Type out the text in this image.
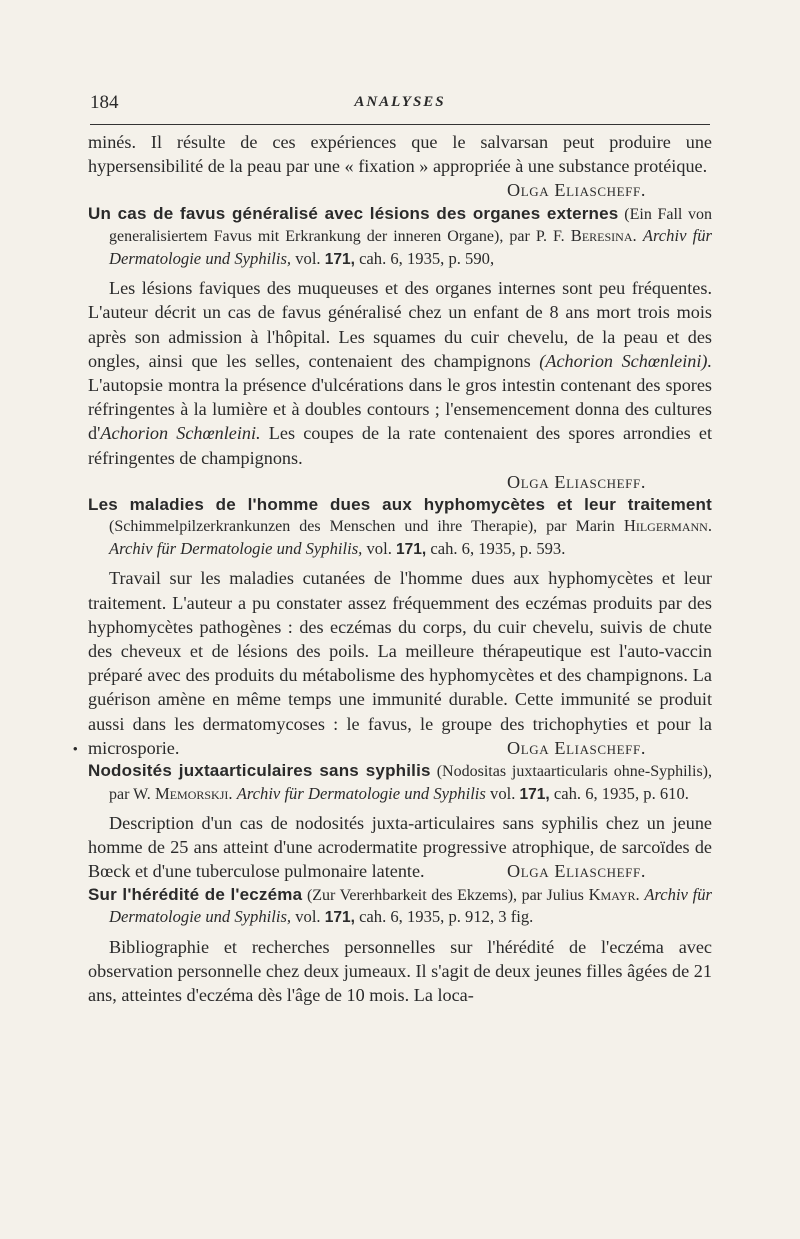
184	ANALYSES
•

minés. Il résulte de ces expériences que le salvarsan peut produire une hypersensibilité de la peau par une « fixation » appropriée à une substance protéique.
Olga Eliascheff.

Un cas de favus généralisé avec lésions des organes externes (Ein Fall von generalisiertem Favus mit Erkrankung der inneren Organe), par P. F. Beresina. Archiv für Dermatologie und Syphilis, vol. 171, cah. 6, 1935, p. 590,

Les lésions faviques des muqueuses et des organes internes sont peu fréquentes. L'auteur décrit un cas de favus généralisé chez un enfant de 8 ans mort trois mois après son admission à l'hôpital. Les squames du cuir chevelu, de la peau et des ongles, ainsi que les selles, contenaient des champignons (Achorion Schœnleini). L'autopsie montra la présence d'ulcérations dans le gros intestin contenant des spores réfringentes à la lumière et à doubles contours ; l'ensemencement donna des cultures d'Achorion Schœnleini. Les coupes de la rate contenaient des spores arrondies et réfringentes de champignons.

Olga Eliascheff.

Les maladies de l'homme dues aux hyphomycètes et leur traitement (Schimmelpilzerkrankunzen des Menschen und ihre Therapie), par Marin Hilgermann. Archiv für Dermatologie und Syphilis, vol. 171, cah. 6, 1935, p. 593.

Travail sur les maladies cutanées de l'homme dues aux hyphomycètes et leur traitement. L'auteur a pu constater assez fréquemment des eczémas produits par des hyphomycètes pathogènes : des eczémas du corps, du cuir chevelu, suivis de chute des cheveux et de lésions des poils. La meilleure thérapeutique est l'auto-vaccin préparé avec des produits du métabolisme des hyphomycètes et des champignons. La guérison amène en même temps une immunité durable. Cette immunité se produit aussi dans les dermatomycoses : le favus, le groupe des trichophyties et pour la microsporie.	Olga Eliascheff.

Nodosités juxtaarticulaires sans syphilis (Nodositas juxtaarticularis ohne-Syphilis), par W. Memorskji. Archiv für Dermatologie und Syphilis vol. 171, cah. 6, 1935, p. 610.

Description d'un cas de nodosités juxta-articulaires sans syphilis chez un jeune homme de 25 ans atteint d'une acrodermatite progressive atrophique, de sarcoïdes de Bœck et d'une tuberculose pulmonaire latente.	Olga Eliascheff.

Sur l'hérédité de l'eczéma (Zur Vererhbarkeit des Ekzems), par Julius Kmayr. Archiv für Dermatologie und Syphilis, vol. 171, cah. 6, 1935, p. 912, 3 fig.

Bibliographie et recherches personnelles sur l'hérédité de l'eczéma avec observation personnelle chez deux jumeaux. Il s'agit de deux jeunes filles âgées de 21 ans, atteintes d'eczéma dès l'âge de 10 mois. La loca-
